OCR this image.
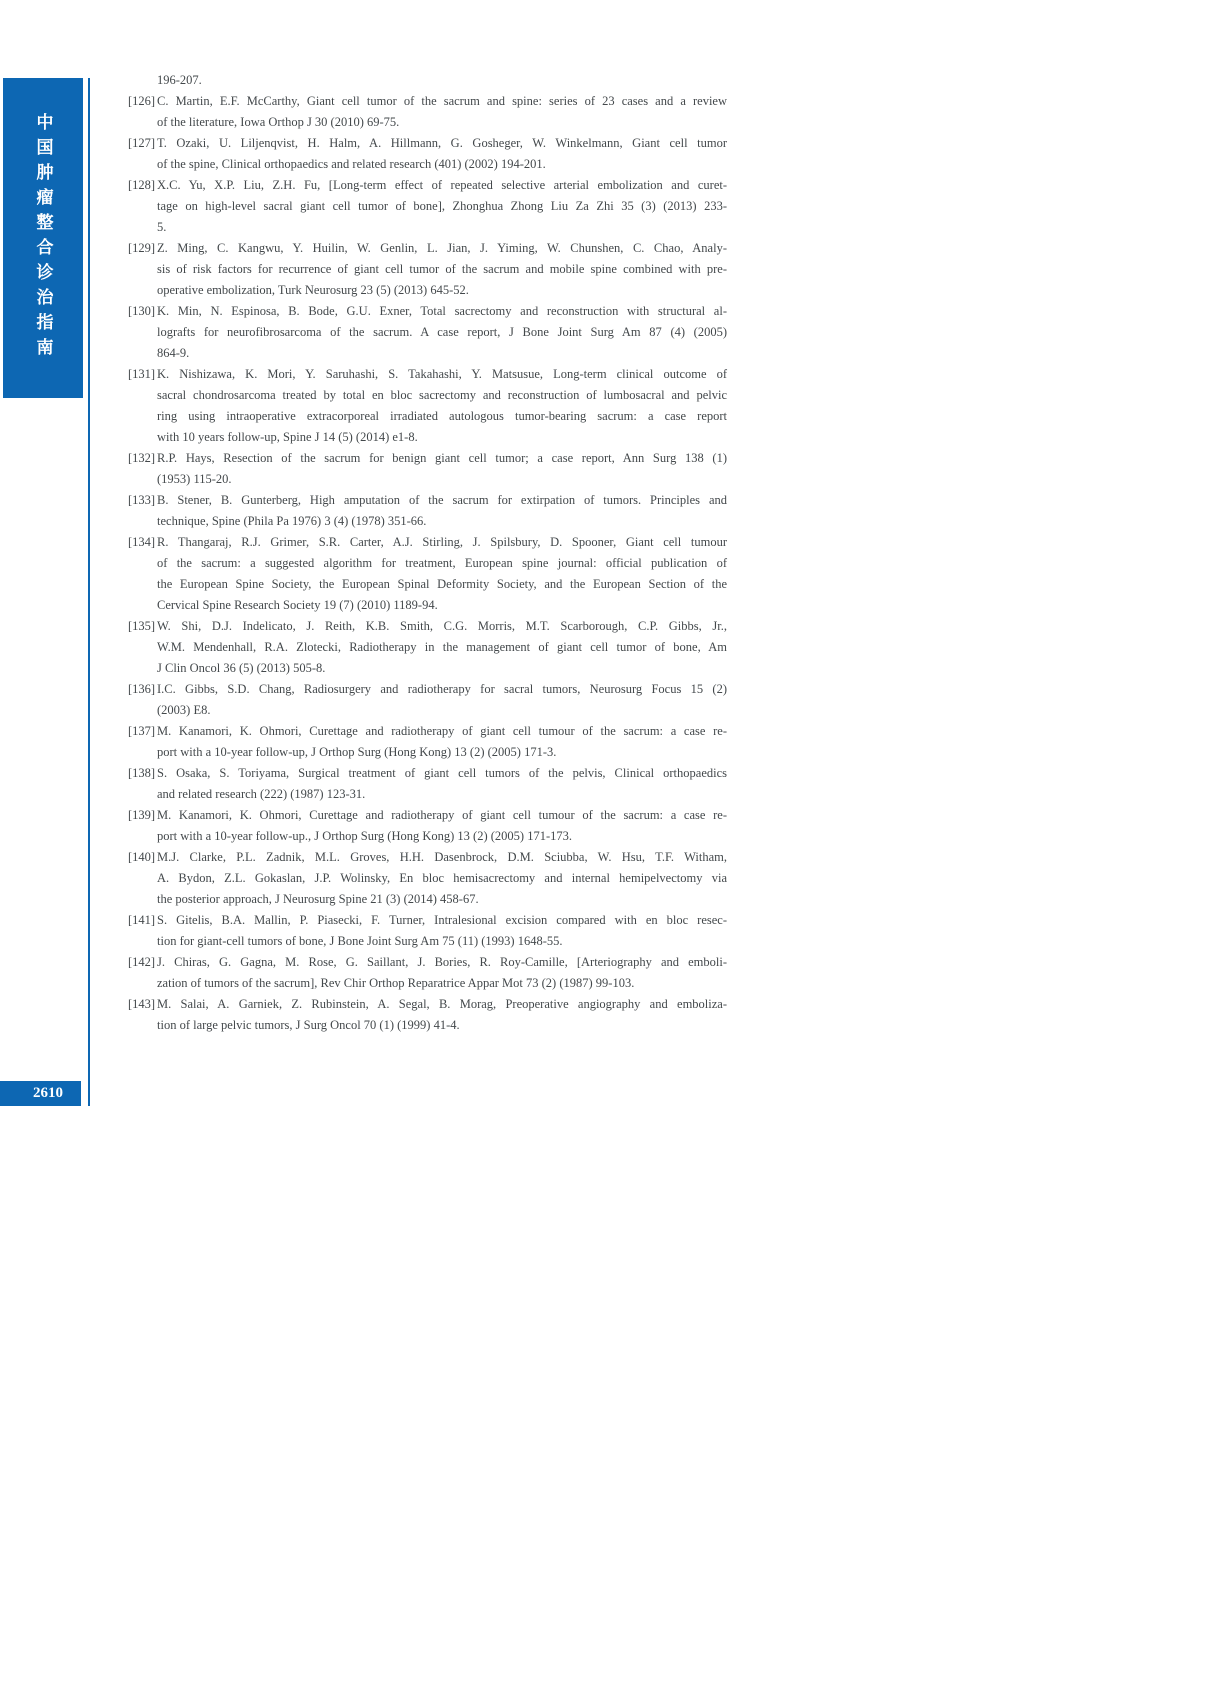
中国肿瘤整合诊治指南
196-207.
[126] C. Martin, E.F. McCarthy, Giant cell tumor of the sacrum and spine: series of 23 cases and a review
of the literature, Iowa Orthop J 30 (2010) 69-75.
[127] T. Ozaki, U. Liljenqvist, H. Halm, A. Hillmann, G. Gosheger, W. Winkelmann, Giant cell tumor
of the spine, Clinical orthopaedics and related research (401) (2002) 194-201.
[128] X.C. Yu, X.P. Liu, Z.H. Fu, [Long-term effect of repeated selective arterial embolization and curet-
tage on high-level sacral giant cell tumor of bone], Zhonghua Zhong Liu Za Zhi 35 (3) (2013) 233-
5.
[129] Z. Ming, C. Kangwu, Y. Huilin, W. Genlin, L. Jian, J. Yiming, W. Chunshen, C. Chao, Analy-
sis of risk factors for recurrence of giant cell tumor of the sacrum and mobile spine combined with pre-
operative embolization, Turk Neurosurg 23 (5) (2013) 645-52.
[130] K. Min, N. Espinosa, B. Bode, G.U. Exner, Total sacrectomy and reconstruction with structural al-
lografts for neurofibrosarcoma of the sacrum. A case report, J Bone Joint Surg Am 87 (4) (2005)
864-9.
[131] K. Nishizawa, K. Mori, Y. Saruhashi, S. Takahashi, Y. Matsusue, Long-term clinical outcome of
sacral chondrosarcoma treated by total en bloc sacrectomy and reconstruction of lumbosacral and pelvic
ring using intraoperative extracorporeal irradiated autologous tumor-bearing sacrum: a case report
with 10 years follow-up, Spine J 14 (5) (2014) e1-8.
[132] R.P. Hays, Resection of the sacrum for benign giant cell tumor; a case report, Ann Surg 138 (1)
(1953) 115-20.
[133] B. Stener, B. Gunterberg, High amputation of the sacrum for extirpation of tumors. Principles and
technique, Spine (Phila Pa 1976) 3 (4) (1978) 351-66.
[134] R. Thangaraj, R.J. Grimer, S.R. Carter, A.J. Stirling, J. Spilsbury, D. Spooner, Giant cell tumour
of the sacrum: a suggested algorithm for treatment, European spine journal: official publication of
the European Spine Society, the European Spinal Deformity Society, and the European Section of the
Cervical Spine Research Society 19 (7) (2010) 1189-94.
[135] W. Shi, D.J. Indelicato, J. Reith, K.B. Smith, C.G. Morris, M.T. Scarborough, C.P. Gibbs, Jr.,
W.M. Mendenhall, R.A. Zlotecki, Radiotherapy in the management of giant cell tumor of bone, Am
J Clin Oncol 36 (5) (2013) 505-8.
[136] I.C. Gibbs, S.D. Chang, Radiosurgery and radiotherapy for sacral tumors, Neurosurg Focus 15 (2)
(2003) E8.
[137] M. Kanamori, K. Ohmori, Curettage and radiotherapy of giant cell tumour of the sacrum: a case re-
port with a 10-year follow-up, J Orthop Surg (Hong Kong) 13 (2) (2005) 171-3.
[138] S. Osaka, S. Toriyama, Surgical treatment of giant cell tumors of the pelvis, Clinical orthopaedics
and related research (222) (1987) 123-31.
[139] M. Kanamori, K. Ohmori, Curettage and radiotherapy of giant cell tumour of the sacrum: a case re-
port with a 10-year follow-up., J Orthop Surg (Hong Kong) 13 (2) (2005) 171-173.
[140] M.J. Clarke, P.L. Zadnik, M.L. Groves, H.H. Dasenbrock, D.M. Sciubba, W. Hsu, T.F. Witham,
A. Bydon, Z.L. Gokaslan, J.P. Wolinsky, En bloc hemisacrectomy and internal hemipelvectomy via
the posterior approach, J Neurosurg Spine 21 (3) (2014) 458-67.
[141] S. Gitelis, B.A. Mallin, P. Piasecki, F. Turner, Intralesional excision compared with en bloc resec-
tion for giant-cell tumors of bone, J Bone Joint Surg Am 75 (11) (1993) 1648-55.
[142] J. Chiras, G. Gagna, M. Rose, G. Saillant, J. Bories, R. Roy-Camille, [Arteriography and emboli-
zation of tumors of the sacrum], Rev Chir Orthop Reparatrice Appar Mot 73 (2) (1987) 99-103.
[143] M. Salai, A. Garniek, Z. Rubinstein, A. Segal, B. Morag, Preoperative angiography and emboliza-
tion of large pelvic tumors, J Surg Oncol 70 (1) (1999) 41-4.
2610
